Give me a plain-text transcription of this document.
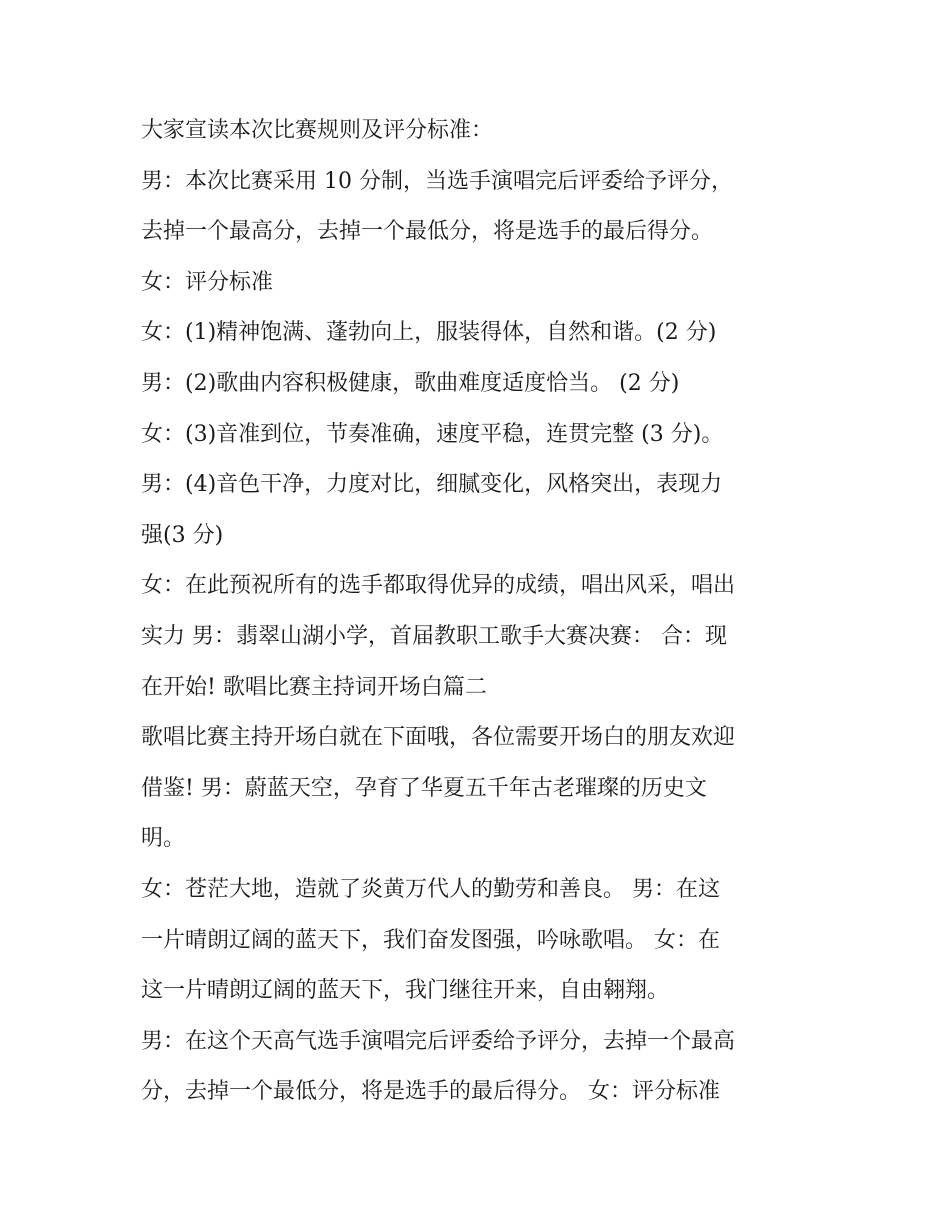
大家宣读本次比赛规则及评分标准：
男：本次比赛采用 10 分制，当选手演唱完后评委给予评分，
去掉一个最高分，去掉一个最低分，将是选手的最后得分。
女：评分标准
女：(1)精神饱满、蓬勃向上，服装得体，自然和谐。(2 分)
男：(2)歌曲内容积极健康，歌曲难度适度恰当。 (2 分)
女：(3)音准到位，节奏准确，速度平稳，连贯完整 (3 分)。
男：(4)音色干净，力度对比，细腻变化，风格突出，表现力
强(3 分)
女：在此预祝所有的选手都取得优异的成绩，唱出风采，唱出
实力 男：翡翠山湖小学，首届教职工歌手大赛决赛： 合：现
在开始! 歌唱比赛主持词开场白篇二
歌唱比赛主持开场白就在下面哦，各位需要开场白的朋友欢迎
借鉴! 男：蔚蓝天空，孕育了华夏五千年古老璀璨的历史文
明。
女：苍茫大地，造就了炎黄万代人的勤劳和善良。 男：在这
一片晴朗辽阔的蓝天下，我们奋发图强，吟咏歌唱。 女：在
这一片晴朗辽阔的蓝天下，我门继往开来，自由翱翔。
男：在这个天高气选手演唱完后评委给予评分，去掉一个最高
分，去掉一个最低分，将是选手的最后得分。 女：评分标准
